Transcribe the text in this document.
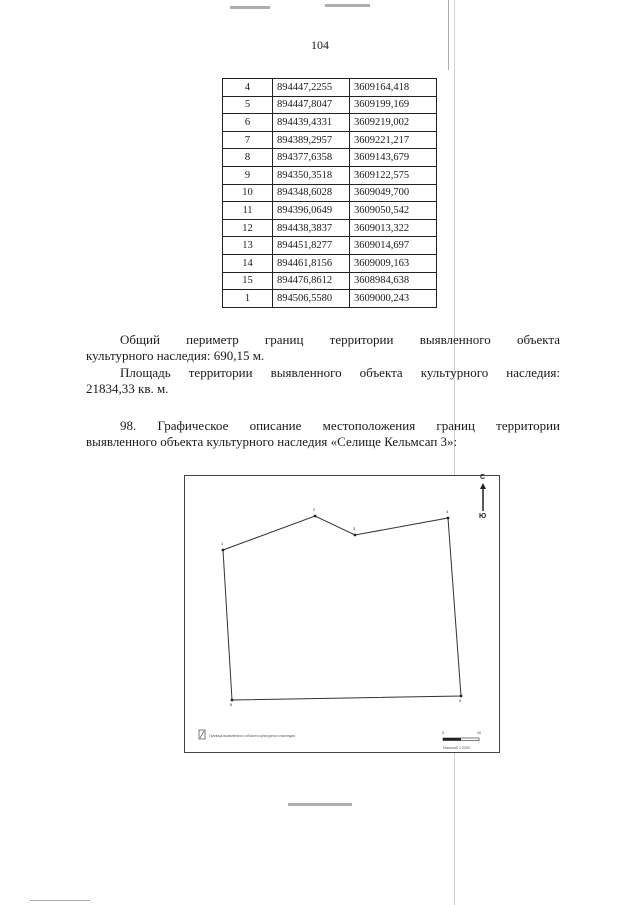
104
4	894447,2255	3609164,418
5	894447,8047	3609199,169
6	894439,4331	3609219,002
7	894389,2957	3609221,217
8	894377,6358	3609143,679
9	894350,3518	3609122,575
10	894348,6028	3609049,700
11	894396,0649	3609050,542
12	894438,3837	3609013,322
13	894451,8277	3609014,697
14	894461,8156	3609009,163
15	894476,8612	3608984,638
1	894506,5580	3609000,243
Общий периметр границ территории выявленного объекта
культурного наследия: 690,15 м.
Площадь территории выявленного объекта культурного наследия:
21834,33 кв. м.
98. Графическое описание местоположения границ территории
выявленного объекта культурного наследия «Селище Кельмсап 3»:
1
2
3
4
5
6
С
Ю
Граница выявленного объекта культурного наследия
0	10
Масштаб 1:2000
